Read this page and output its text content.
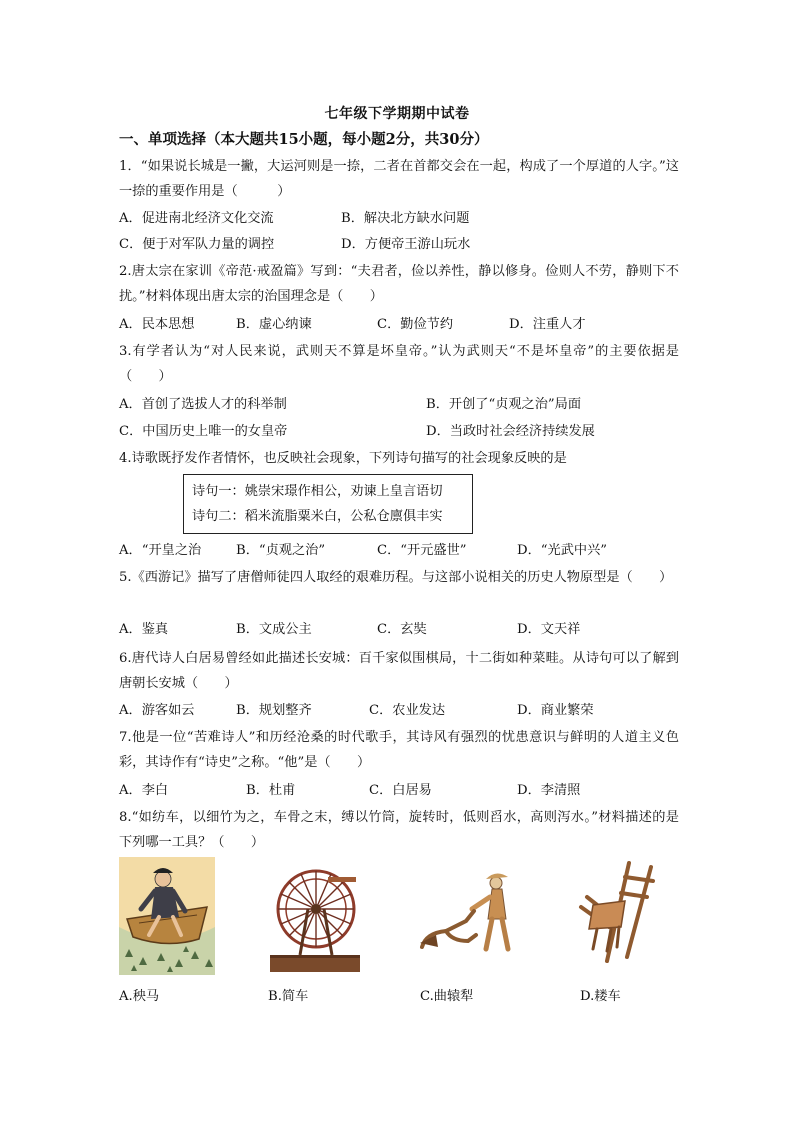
七年级下学期期中试卷
一、单项选择（本大题共15小题，每小题2分，共30分）
1．“如果说长城是一撇，大运河则是一捺，二者在首都交会在一起，构成了一个厚道的人字。”这一捺的重要作用是（　　　）
A．促进南北经济文化交流	B．解决北方缺水问题
C．便于对军队力量的调控	D．方便帝王游山玩水
2.唐太宗在家训《帝范·戒盈篇》写到：“夫君者，俭以养性，静以修身。俭则人不劳，静则下不扰。”材料体现出唐太宗的治国理念是（　　）
A．民本思想	B．虚心纳谏	C．勤俭节约	D．注重人才
3.有学者认为“对人民来说，武则天不算是坏皇帝。”认为武则天“不是坏皇帝”的主要依据是（　　）
A．首创了选拔人才的科举制	B．开创了“贞观之治”局面
C．中国历史上唯一的女皇帝	D．当政时社会经济持续发展
4.诗歌既抒发作者情怀，也反映社会现象，下列诗句描写的社会现象反映的是
诗句一：姚崇宋璟作相公，劝谏上皇言语切
诗句二：稻米流脂粟米白，公私仓廪俱丰实
A．“开皇之治	B．“贞观之治”	C．“开元盛世”	D．“光武中兴”
5.《西游记》描写了唐僧师徒四人取经的艰难历程。与这部小说相关的历史人物原型是（　　）
A．鉴真	B．文成公主	C．玄奘	D．文天祥
6.唐代诗人白居易曾经如此描述长安城：百千家似围棋局，十二街如种菜畦。从诗句可以了解到唐朝长安城（　　）
A．游客如云	B．规划整齐	C．农业发达	D．商业繁荣
7.他是一位“苦难诗人”和历经沧桑的时代歌手，其诗风有强烈的忧患意识与鲜明的人道主义色彩，其诗作有“诗史”之称。“他”是（　　）
A．李白	B．杜甫	C．白居易	D．李清照
8.“如纺车，以细竹为之，车骨之末，缚以竹筒，旋转时，低则舀水，高则泻水。”材料描述的是下列哪一工具？（　　）
A.秧马	B.简车	C.曲辕犁	D.耧车
